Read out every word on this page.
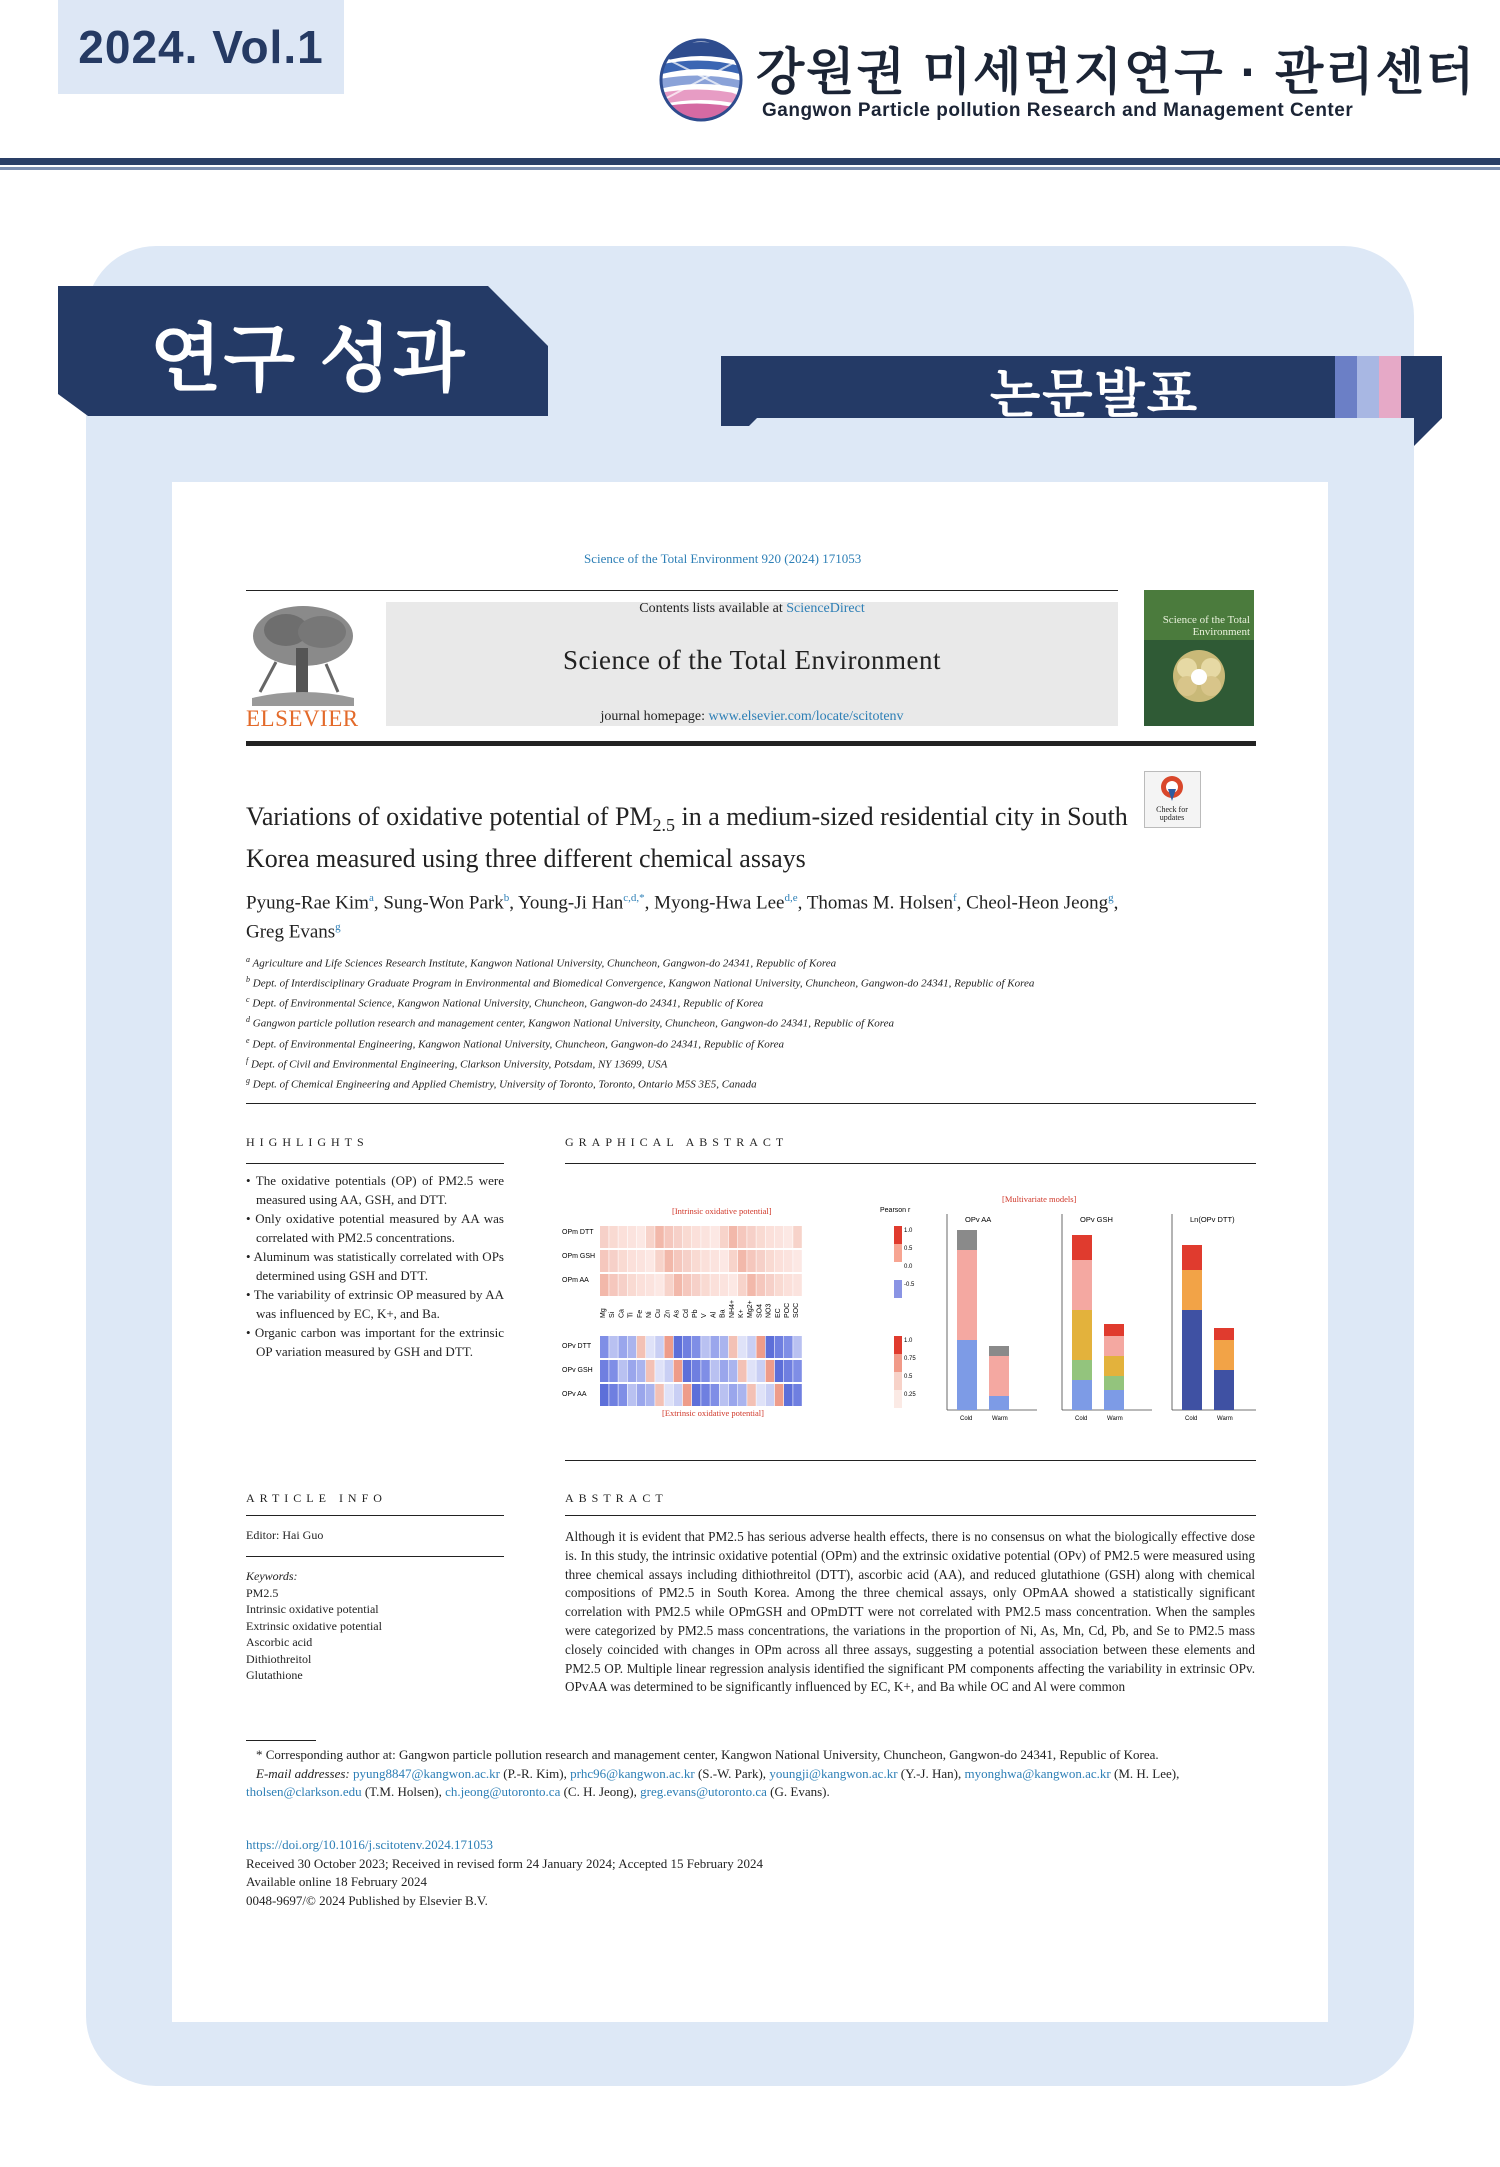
2024. Vol.1	강원권 미세먼지연구 · 관리센터
Gangwon Particle pollution Research and Management Center
연구 성과	논문발표
Science of the Total Environment 920 (2024) 171053
ELSEVIER
Contents lists available at ScienceDirect
Science of the Total Environment
journal homepage: www.elsevier.com/locate/scitotenv
Science of the Total Environment
Check for updates
Variations of oxidative potential of $PM_{2.5}$ in a medium-sized residential city in South Korea measured using three different chemical assays
Pyung-Rae Kim$^a$, Sung-Won Park$^b$, Young-Ji Han$^{c,d,*}$, Myong-Hwa Lee$^{d,e}$, Thomas M. Holsen$^f$, Cheol-Heon Jeong$^g$, Greg Evans$^g$
$^a$ Agriculture and Life Sciences Research Institute, Kangwon National University, Chuncheon, Gangwon-do 24341, Republic of Korea
$^b$ Dept. of Interdisciplinary Graduate Program in Environmental and Biomedical Convergence, Kangwon National University, Chuncheon, Gangwon-do 24341, Republic of Korea
$^c$ Dept. of Environmental Science, Kangwon National University, Chuncheon, Gangwon-do 24341, Republic of Korea
$^d$ Gangwon particle pollution research and management center, Kangwon National University, Chuncheon, Gangwon-do 24341, Republic of Korea
$^e$ Dept. of Environmental Engineering, Kangwon National University, Chuncheon, Gangwon-do 24341, Republic of Korea
$^f$ Dept. of Civil and Environmental Engineering, Clarkson University, Potsdam, NY 13699, USA
$^g$ Dept. of Chemical Engineering and Applied Chemistry, University of Toronto, Toronto, Ontario M5S 3E5, Canada
HIGHLIGHTS
• The oxidative potentials (OP) of PM2.5 were measured using AA, GSH, and DTT.
• Only oxidative potential measured by AA was correlated with PM2.5 concentrations.
• Aluminum was statistically correlated with OPs determined using GSH and DTT.
• The variability of extrinsic OP measured by AA was influenced by EC, K+, and Ba.
• Organic carbon was important for the extrinsic OP variation measured by GSH and DTT.
GRAPHICAL ABSTRACT
[Intrinsic oxidative potential]
[Extrinsic oxidative potential]
Pearson r
OPm DTT
OPm GSH
OPm AA
Mg Si Ca Ti Fe Ni Cu Zn As Cd Pb V Al Ba NH4+ K+ Mg2+ SO4 NO3 EC POC SOC
OPv DTT
OPv GSH
OPv AA
1.0
0.5
0.0
-0.5
1.0
0.75
0.5
0.25
[Multivariate models]
OPv AA
Cold	Warm
OPv GSH
Cold	Warm
Ln(OPv DTT)
Cold	Warm
ARTICLE INFO
Editor: Hai Guo
Keywords:
PM2.5
Intrinsic oxidative potential
Extrinsic oxidative potential
Ascorbic acid
Dithiothreitol
Glutathione
ABSTRACT
Although it is evident that PM2.5 has serious adverse health effects, there is no consensus on what the biologically effective dose is. In this study, the intrinsic oxidative potential (OPm) and the extrinsic oxidative potential (OPv) of PM2.5 were measured using three chemical assays including dithiothreitol (DTT), ascorbic acid (AA), and reduced glutathione (GSH) along with chemical compositions of PM2.5 in South Korea. Among the three chemical assays, only OPmAA showed a statistically significant correlation with PM2.5 while OPmGSH and OPmDTT were not correlated with PM2.5 mass concentration. When the samples were categorized by PM2.5 mass concentrations, the variations in the proportion of Ni, As, Mn, Cd, Pb, and Se to PM2.5 mass closely coincided with changes in OPm across all three assays, suggesting a potential association between these elements and PM2.5 OP. Multiple linear regression analysis identified the significant PM components affecting the variability in extrinsic OPv. OPvAA was determined to be significantly influenced by EC, K+, and Ba while OC and Al were common
* Corresponding author at: Gangwon particle pollution research and management center, Kangwon National University, Chuncheon, Gangwon-do 24341, Republic of Korea.
E-mail addresses: pyung8847@kangwon.ac.kr (P.-R. Kim), prhc96@kangwon.ac.kr (S.-W. Park), youngji@kangwon.ac.kr (Y.-J. Han), myonghwa@kangwon.ac.kr (M. H. Lee), tholsen@clarkson.edu (T.M. Holsen), ch.jeong@utoronto.ca (C. H. Jeong), greg.evans@utoronto.ca (G. Evans).
https://doi.org/10.1016/j.scitotenv.2024.171053
Received 30 October 2023; Received in revised form 24 January 2024; Accepted 15 February 2024
Available online 18 February 2024
0048-9697/© 2024 Published by Elsevier B.V.
